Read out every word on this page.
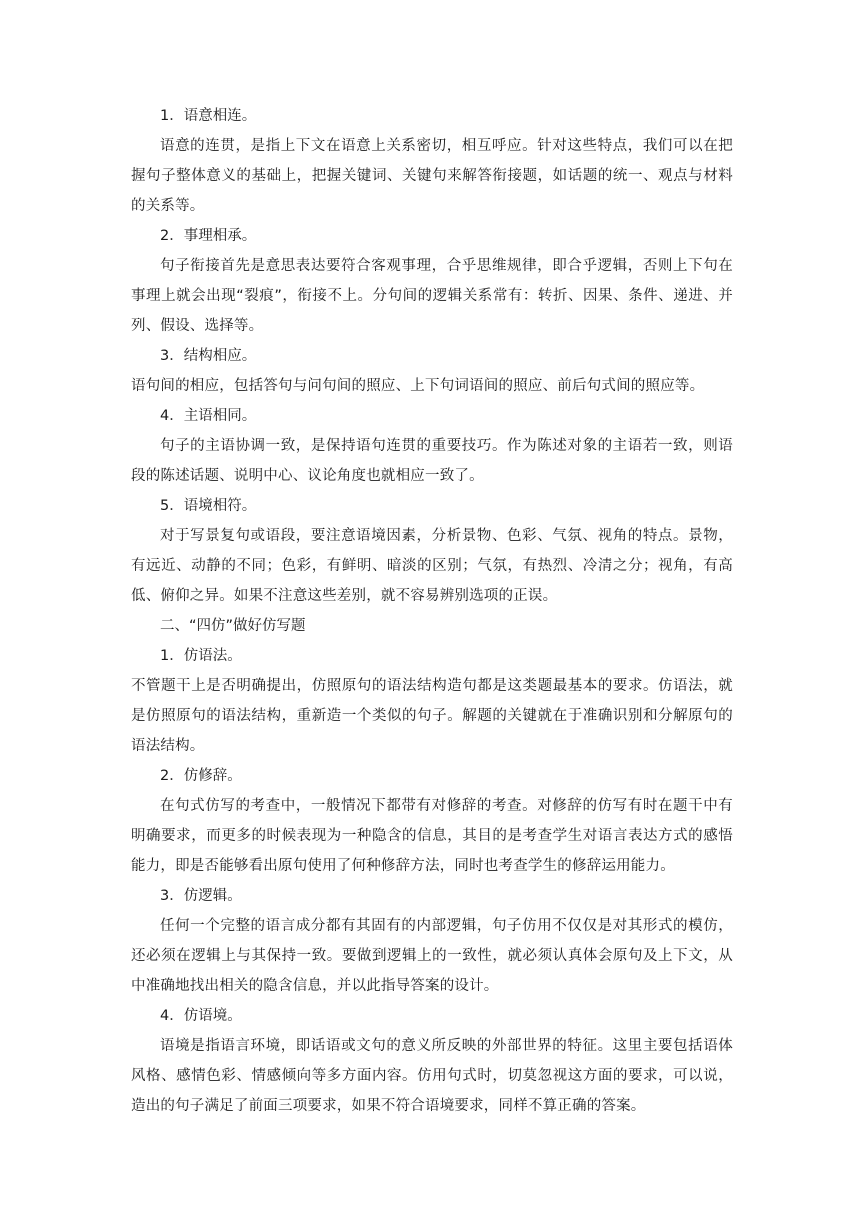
1．语意相连。

语意的连贯，是指上下文在语意上关系密切，相互呼应。针对这些特点，我们可以在把握句子整体意义的基础上，把握关键词、关键句来解答衔接题，如话题的统一、观点与材料的关系等。

2．事理相承。

句子衔接首先是意思表达要符合客观事理，合乎思维规律，即合乎逻辑，否则上下句在事理上就会出现“裂痕”，衔接不上。分句间的逻辑关系常有：转折、因果、条件、递进、并列、假设、选择等。

3．结构相应。

语句间的相应，包括答句与问句间的照应、上下句词语间的照应、前后句式间的照应等。

4．主语相同。

句子的主语协调一致，是保持语句连贯的重要技巧。作为陈述对象的主语若一致，则语段的陈述话题、说明中心、议论角度也就相应一致了。

5．语境相符。

对于写景复句或语段，要注意语境因素，分析景物、色彩、气氛、视角的特点。景物，有远近、动静的不同；色彩，有鲜明、暗淡的区别；气氛，有热烈、冷清之分；视角，有高低、俯仰之异。如果不注意这些差别，就不容易辨别选项的正误。

二、“四仿”做好仿写题

1．仿语法。

不管题干上是否明确提出，仿照原句的语法结构造句都是这类题最基本的要求。仿语法，就是仿照原句的语法结构，重新造一个类似的句子。解题的关键就在于准确识别和分解原句的语法结构。

2．仿修辞。

在句式仿写的考查中，一般情况下都带有对修辞的考查。对修辞的仿写有时在题干中有明确要求，而更多的时候表现为一种隐含的信息，其目的是考查学生对语言表达方式的感悟能力，即是否能够看出原句使用了何种修辞方法，同时也考查学生的修辞运用能力。

3．仿逻辑。

任何一个完整的语言成分都有其固有的内部逻辑，句子仿用不仅仅是对其形式的模仿，还必须在逻辑上与其保持一致。要做到逻辑上的一致性，就必须认真体会原句及上下文，从中准确地找出相关的隐含信息，并以此指导答案的设计。

4．仿语境。

语境是指语言环境，即话语或文句的意义所反映的外部世界的特征。这里主要包括语体风格、感情色彩、情感倾向等多方面内容。仿用句式时，切莫忽视这方面的要求，可以说，造出的句子满足了前面三项要求，如果不符合语境要求，同样不算正确的答案。
